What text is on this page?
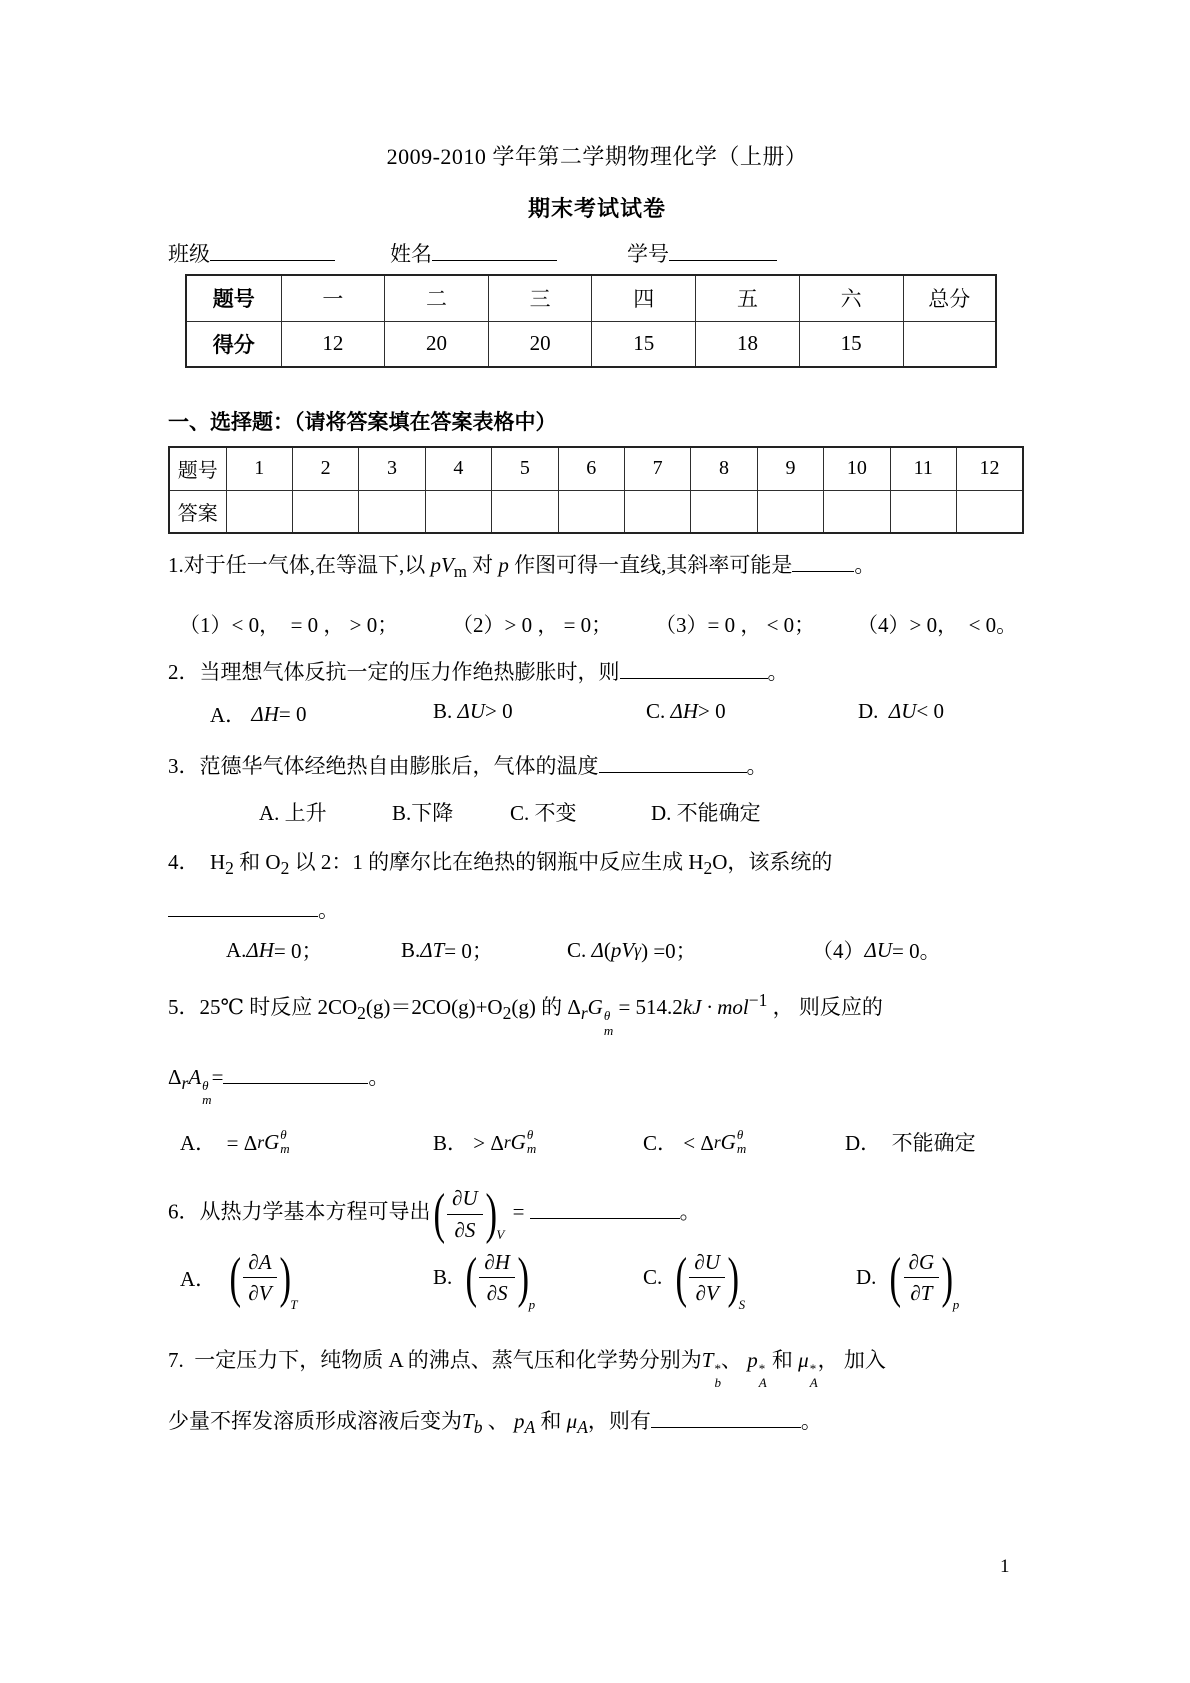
2009-2010 学年第二学期物理化学（上册）
期末考试试卷
班级	姓名	学号
题号	一	二	三	四	五	六	总分
得分	12	20	20	15	18	15	
一、选择题：（请将答案填在答案表格中）
题号	1	2	3	4	5	6	7	8	9	10	11	12
答案												
1.对于任一气体,在等温下,以 $pV_m$ 对 p 作图可得一直线,其斜率可能是	。
（1）< 0，  = 0 ， > 0；	（2）> 0 ， = 0； （3）= 0 ， < 0； （4）> 0，  < 0。
2．当理想气体反抗一定的压力作绝热膨胀时，则	。
A． ΔH = 0	B. ΔU > 0	C. ΔH > 0	D. ΔU < 0
3．范德华气体经绝热自由膨胀后，气体的温度	。
A. 上升	B.下降	C. 不变	D. 不能确定
4．  $H_2$ 和 $O_2$ 以 2：1 的摩尔比在绝热的钢瓶中反应生成 $H_2O$，该系统的
。
A. ΔH = 0；	B. ΔT = 0；	C. Δ ( pV γ ) =0；	（4） ΔU = 0。
5．25℃ 时反应 $2CO_2(g)=2CO(g)+O_2(g)$ 的 $\Delta_rG$ θ
m
= 514.2kJ · mol$^{-1}$ ， 则反应的
$\Delta_rA$ θ
m
=	。
A．  = Δ r G θ
m	B． > Δ r G θ
m	C． < Δ r G θ
m	D．  不能确定
6．从热力学基本方程可导出 ( ∂U
∂S ) $_V$
=	。
A． ( ∂A
∂V ) $_T$
B. ( ∂H
∂S ) $_p$
C. ( ∂U
∂V ) $_S$
D. ( ∂G
∂T ) $_p$
7.  一定压力下，纯物质 A 的沸点、蒸气压和化学势分别为T *
b
、 p *
A
和 μ *
A
， 加入
少量不挥发溶质形成溶液后变为$T_b$ 、 $p_A$ 和 $\mu_A$，则有	。
1
